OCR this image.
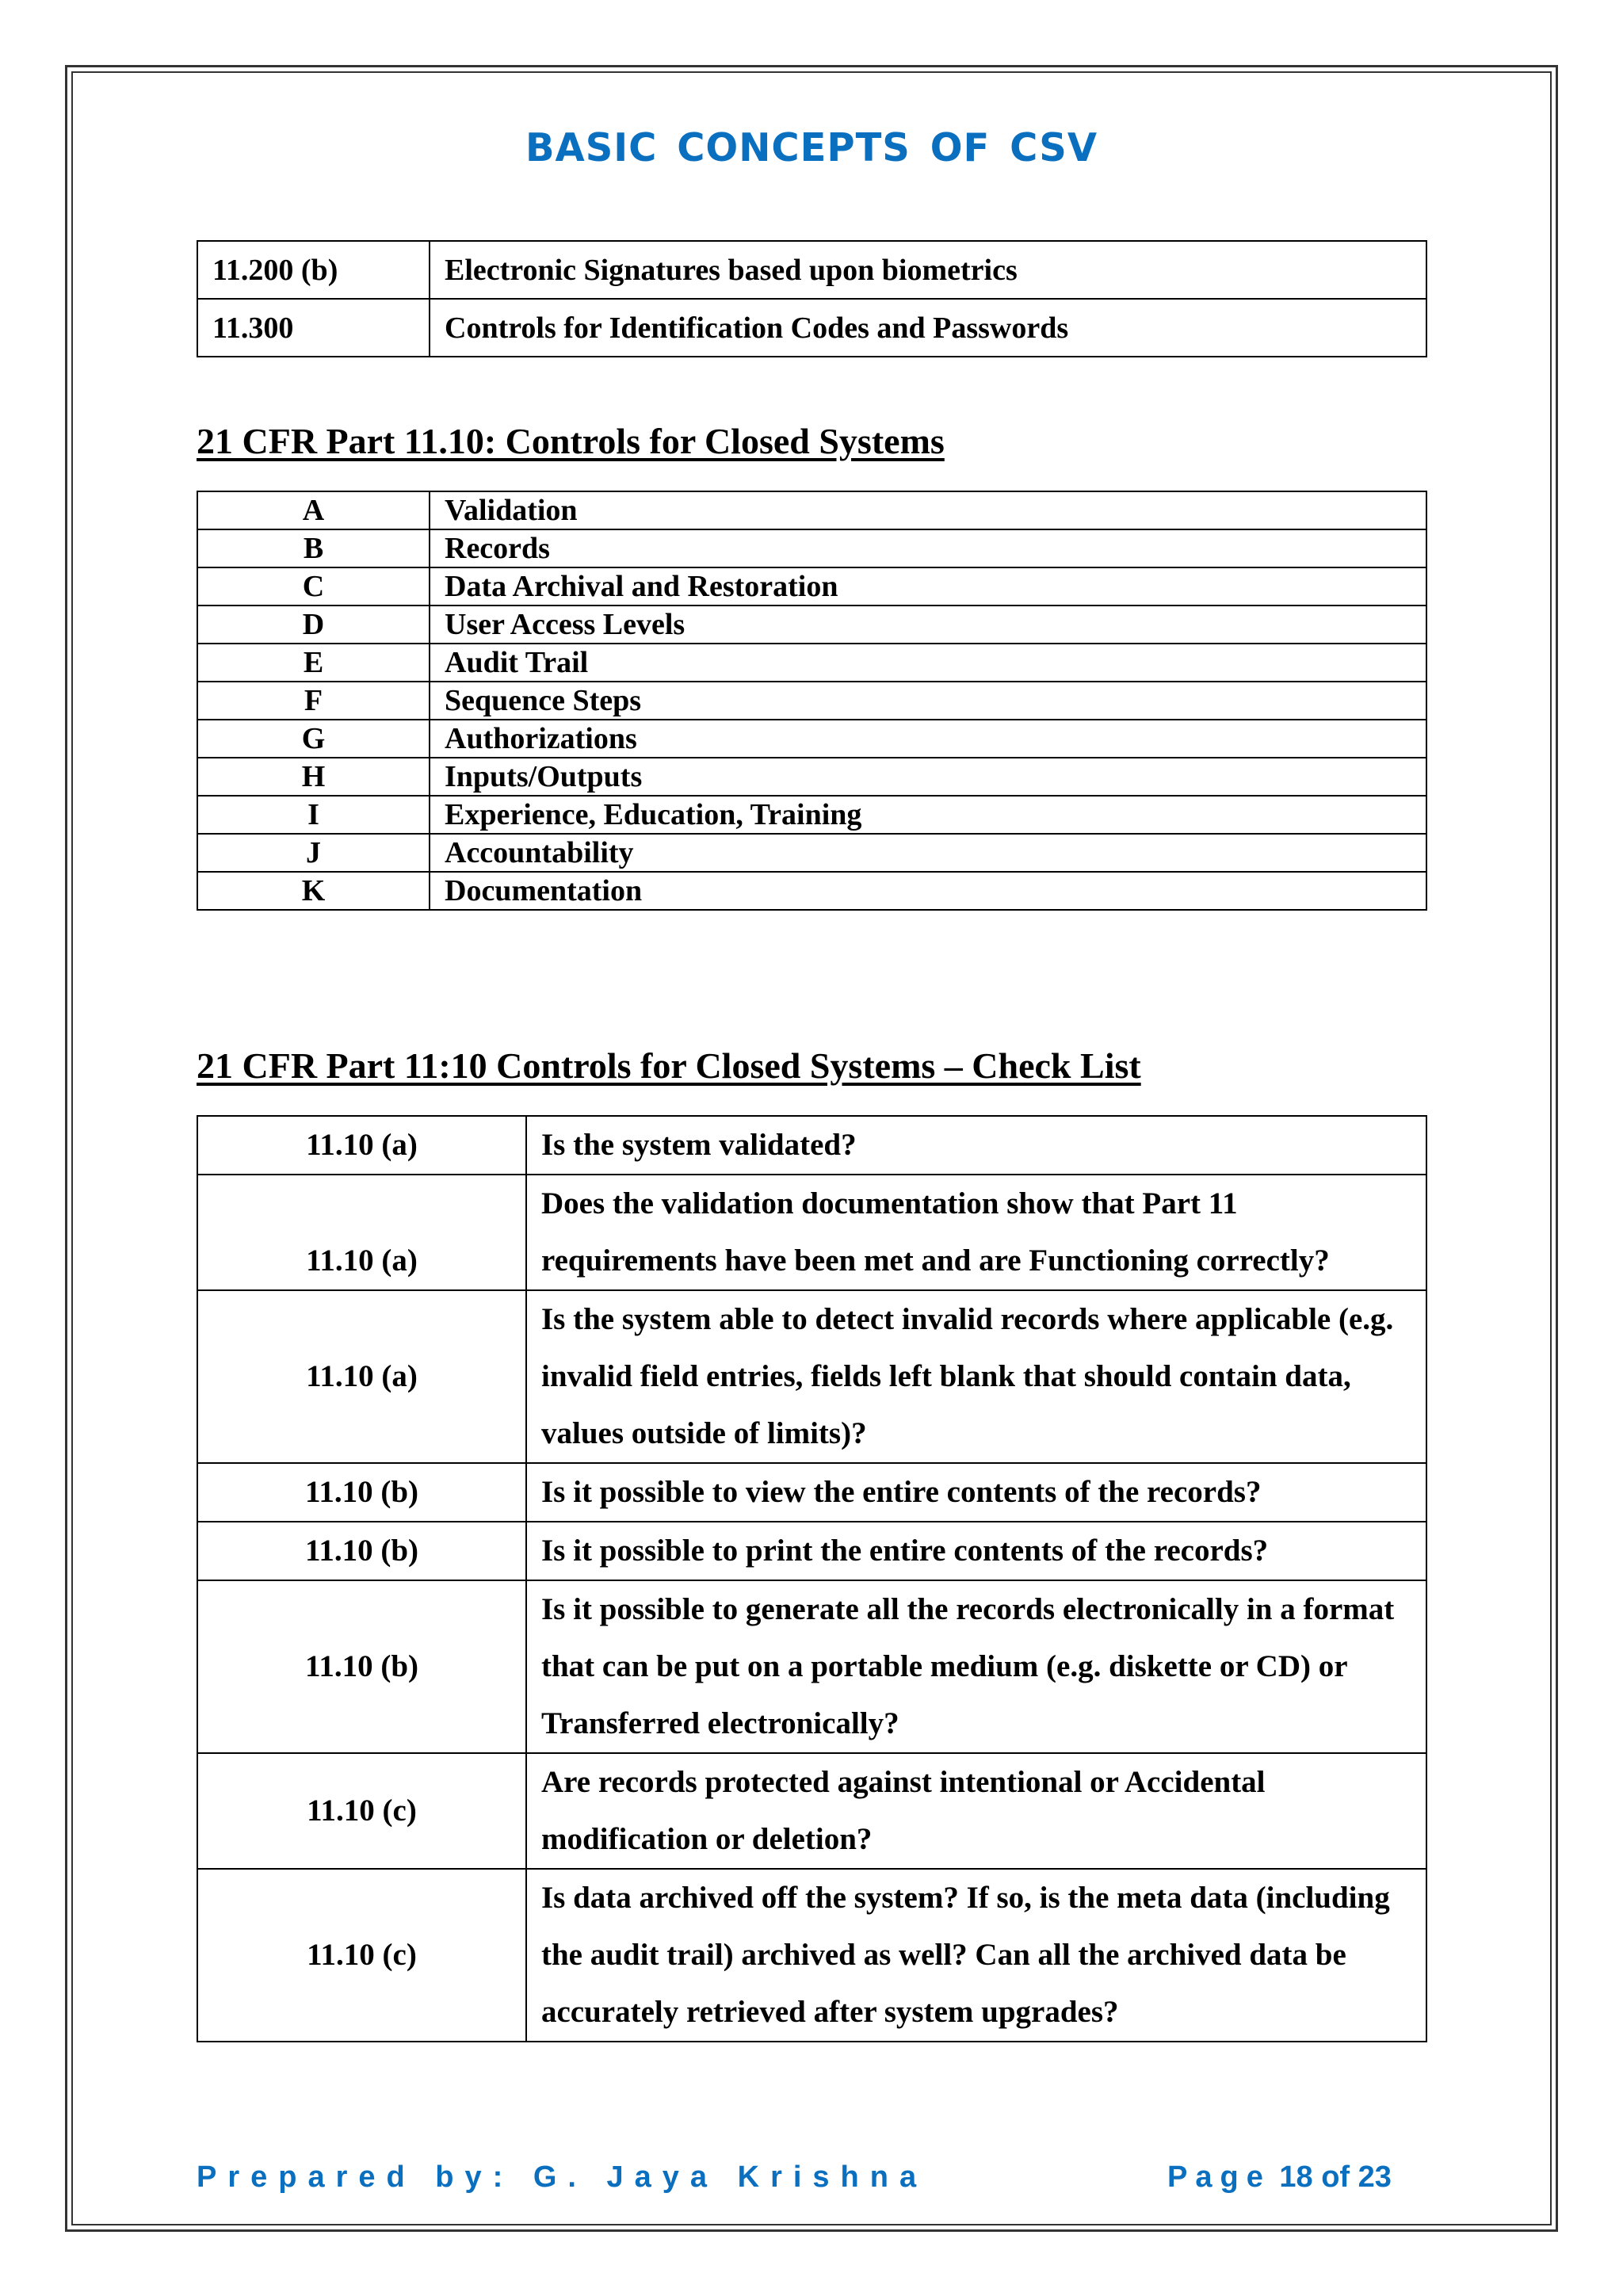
basic concepts of csv
11.200 (b)	Electronic Signatures based upon biometrics
11.300	Controls for Identification Codes and Passwords
21 CFR Part 11.10: Controls for Closed Systems
A	Validation
B	Records
C	Data Archival and Restoration
D	User Access Levels
E	Audit Trail
F	Sequence Steps
G	Authorizations
H	Inputs/Outputs
I	Experience, Education, Training
J	Accountability
K	Documentation
21 CFR Part 11:10 Controls for Closed Systems – Check List
11.10 (a)	Is the system validated?
11.10 (a)	Does the validation documentation show that Part 11 requirements have been met and are Functioning correctly?
11.10 (a)	Is the system able to detect invalid records where applicable (e.g. invalid field entries, fields left blank that should contain data, values outside of limits)?
11.10 (b)	Is it possible to view the entire contents of the records?
11.10 (b)	Is it possible to print the entire contents of the records?
11.10 (b)	Is it possible to generate all the records electronically in a format that can be put on a portable medium (e.g. diskette or CD) or Transferred electronically?
11.10 (c)	Are records protected against intentional or Accidental modification or deletion?
11.10 (c)	Is data archived off the system? If so, is the meta data (including the audit trail) archived as well? Can all the archived data be accurately retrieved after system upgrades?
Prepared by: G. Jaya Krishna	Page 18 of 23
